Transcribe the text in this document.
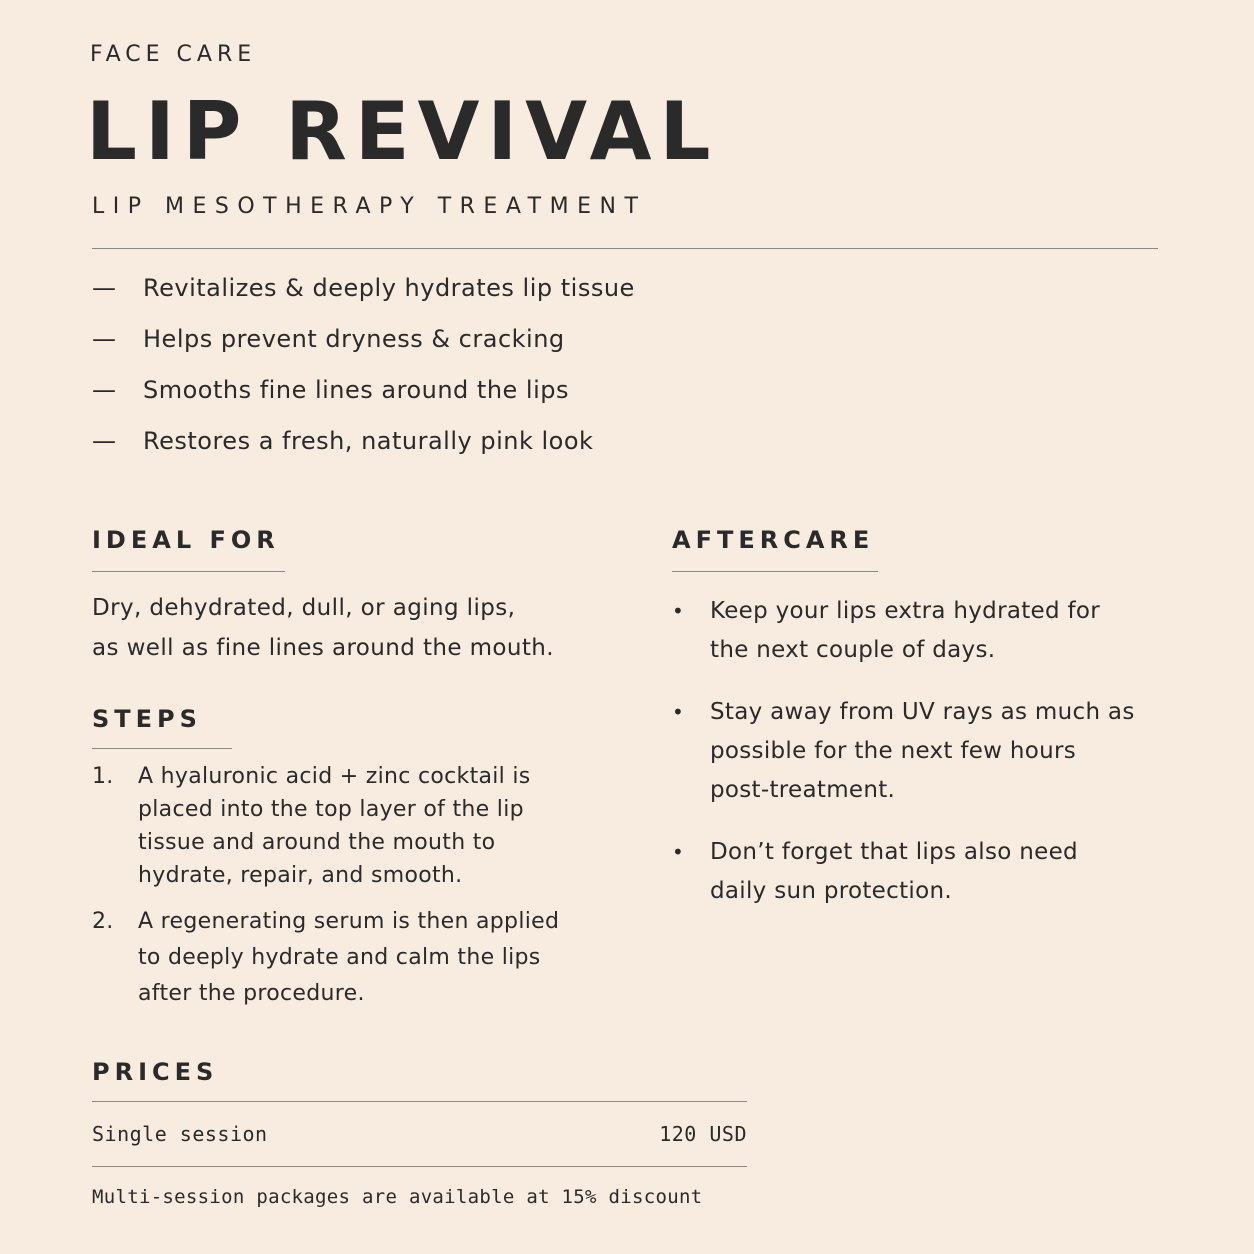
FACE CARE
LIP REVIVAL
LIP MESOTHERAPY TREATMENT
—	Revitalizes & deeply hydrates lip tissue
—	Helps prevent dryness & cracking
—	Smooths fine lines around the lips
—	Restores a fresh, naturally pink look
IDEAL FOR
Dry, dehydrated, dull, or aging lips,
as well as fine lines around the mouth.
STEPS
1.	A hyaluronic acid + zinc cocktail is placed into the top layer of the lip tissue and around the mouth to hydrate, repair, and smooth.
2.	A regenerating serum is then applied to deeply hydrate and calm the lips after the procedure.
AFTERCARE
•	Keep your lips extra hydrated for the next couple of days.
•	Stay away from UV rays as much as possible for the next few hours post-treatment.
•	Don’t forget that lips also need daily sun protection.
PRICES
Single session	120 USD
Multi-session packages are available at 15% discount
